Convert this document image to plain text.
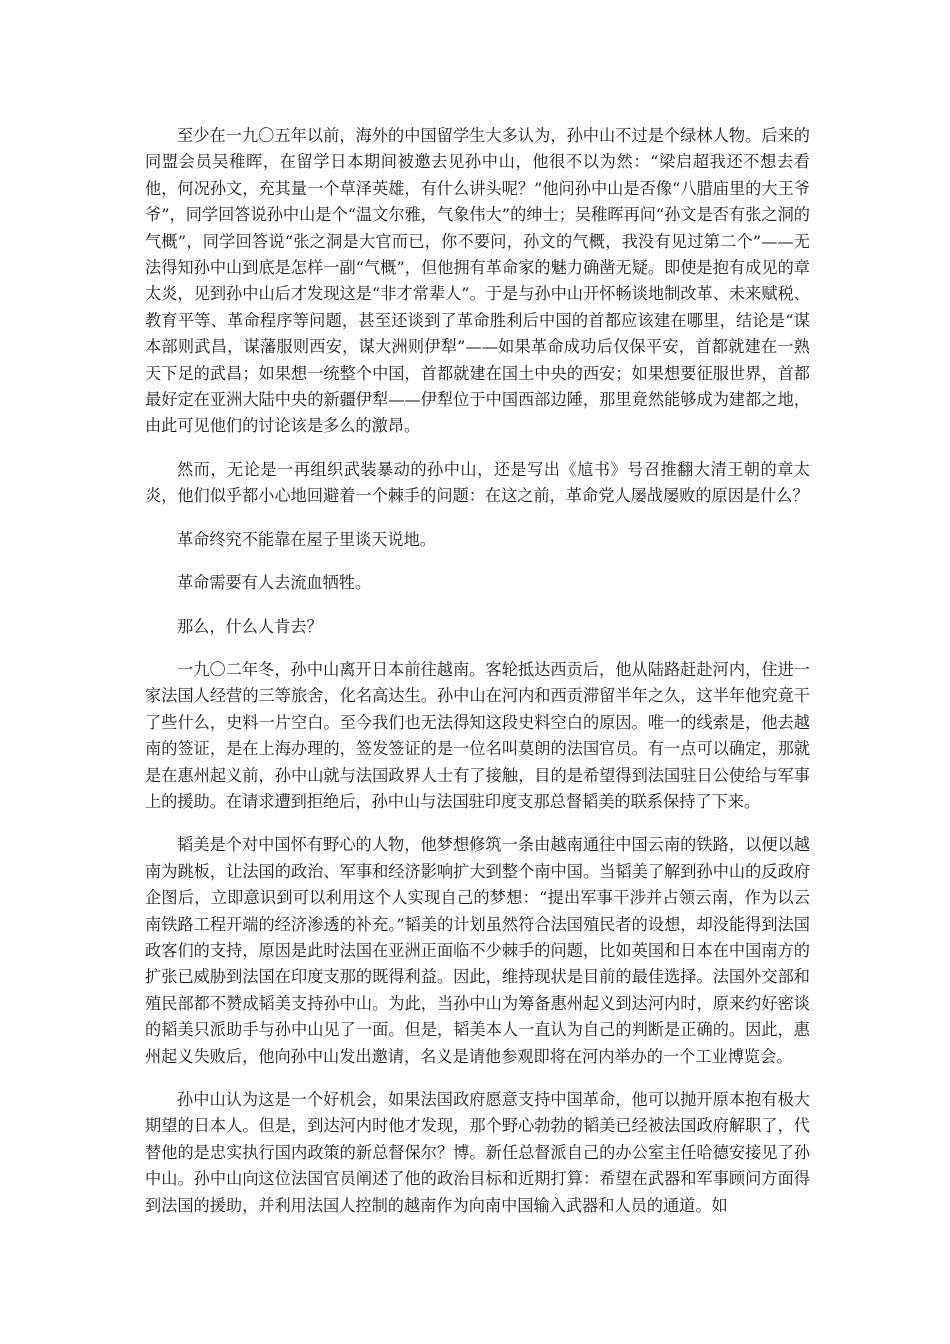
至少在一九〇五年以前，海外的中国留学生大多认为，孙中山不过是个绿林人物。后来的同盟会员吴稚晖，在留学日本期间被邀去见孙中山，他很不以为然：“梁启超我还不想去看他，何况孙文，充其量一个草泽英雄，有什么讲头呢？”他问孙中山是否像“八腊庙里的大王爷爷”，同学回答说孙中山是个“温文尔雅，气象伟大”的绅士；吴稚晖再问“孙文是否有张之洞的气概”，同学回答说“张之洞是大官而已，你不要问，孙文的气概，我没有见过第二个”——无法得知孙中山到底是怎样一副“气概”，但他拥有革命家的魅力确凿无疑。即使是抱有成见的章太炎，见到孙中山后才发现这是“非才常辈人”。于是与孙中山开怀畅谈地制改革、未来赋税、教育平等、革命程序等问题，甚至还谈到了革命胜利后中国的首都应该建在哪里，结论是“谋本部则武昌，谋藩服则西安，谋大洲则伊犁”——如果革命成功后仅保平安，首都就建在一熟天下足的武昌；如果想一统整个中国，首都就建在国土中央的西安；如果想要征服世界，首都最好定在亚洲大陆中央的新疆伊犁——伊犁位于中国西部边陲，那里竟然能够成为建都之地，由此可见他们的讨论该是多么的激昂。

然而，无论是一再组织武装暴动的孙中山，还是写出《訄书》号召推翻大清王朝的章太炎，他们似乎都小心地回避着一个棘手的问题：在这之前，革命党人屡战屡败的原因是什么？

革命终究不能靠在屋子里谈天说地。

革命需要有人去流血牺牲。

那么，什么人肯去？

一九〇二年冬，孙中山离开日本前往越南。客轮抵达西贡后，他从陆路赶赴河内，住进一家法国人经营的三等旅舍，化名高达生。孙中山在河内和西贡滞留半年之久，这半年他究竟干了些什么，史料一片空白。至今我们也无法得知这段史料空白的原因。唯一的线索是，他去越南的签证，是在上海办理的，签发签证的是一位名叫莫朗的法国官员。有一点可以确定，那就是在惠州起义前，孙中山就与法国政界人士有了接触，目的是希望得到法国驻日公使给与军事上的援助。在请求遭到拒绝后，孙中山与法国驻印度支那总督韬美的联系保持了下来。

韬美是个对中国怀有野心的人物，他梦想修筑一条由越南通往中国云南的铁路，以便以越南为跳板，让法国的政治、军事和经济影响扩大到整个南中国。当韬美了解到孙中山的反政府企图后，立即意识到可以利用这个人实现自己的梦想：“提出军事干涉并占领云南，作为以云南铁路工程开端的经济渗透的补充。”韬美的计划虽然符合法国殖民者的设想，却没能得到法国政客们的支持，原因是此时法国在亚洲正面临不少棘手的问题，比如英国和日本在中国南方的扩张已威胁到法国在印度支那的既得利益。因此，维持现状是目前的最佳选择。法国外交部和殖民部都不赞成韬美支持孙中山。为此，当孙中山为筹备惠州起义到达河内时，原来约好密谈的韬美只派助手与孙中山见了一面。但是，韬美本人一直认为自己的判断是正确的。因此，惠州起义失败后，他向孙中山发出邀请，名义是请他参观即将在河内举办的一个工业博览会。

孙中山认为这是一个好机会，如果法国政府愿意支持中国革命，他可以抛开原本抱有极大期望的日本人。但是，到达河内时他才发现，那个野心勃勃的韬美已经被法国政府解职了，代替他的是忠实执行国内政策的新总督保尔？博。新任总督派自己的办公室主任哈德安接见了孙中山。孙中山向这位法国官员阐述了他的政治目标和近期打算：希望在武器和军事顾问方面得到法国的援助，并利用法国人控制的越南作为向南中国输入武器和人员的通道。如
